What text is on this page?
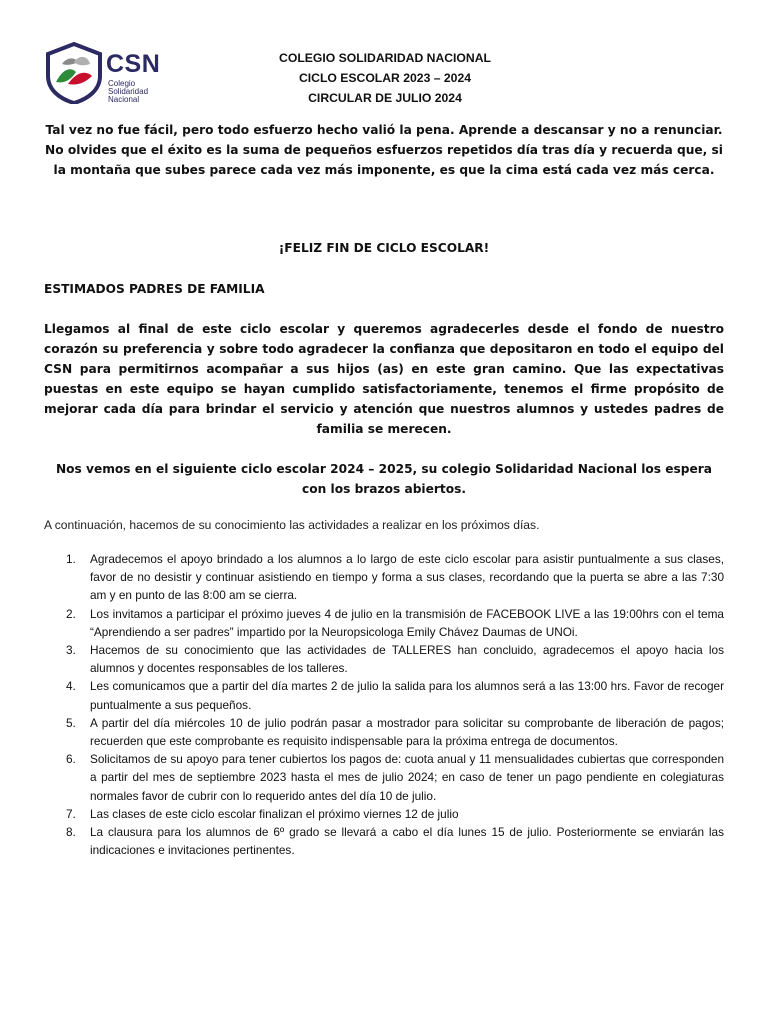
CSN
Colegio
Solidaridad
Nacional
COLEGIO SOLIDARIDAD NACIONAL
CICLO ESCOLAR 2023 – 2024
CIRCULAR DE JULIO 2024
Tal vez no fue fácil, pero todo esfuerzo hecho valió la pena. Aprende a descansar y no a renunciar.
No olvides que el éxito es la suma de pequeños esfuerzos repetidos día tras día y recuerda que, si la montaña que subes parece cada vez más imponente, es que la cima está cada vez más cerca.
¡FELIZ FIN DE CICLO ESCOLAR!
ESTIMADOS PADRES DE FAMILIA
Llegamos al final de este ciclo escolar y queremos agradecerles desde el fondo de nuestro corazón su preferencia y sobre todo agradecer la confianza que depositaron en todo el equipo del CSN para permitirnos acompañar a sus hijos (as) en este gran camino. Que las expectativas puestas en este equipo se hayan cumplido satisfactoriamente, tenemos el firme propósito de mejorar cada día para brindar el servicio y atención que nuestros alumnos y ustedes padres de familia se merecen.
Nos vemos en el siguiente ciclo escolar 2024 – 2025, su colegio Solidaridad Nacional los espera con los brazos abiertos.
A continuación, hacemos de su conocimiento las actividades a realizar en los próximos días.
1. Agradecemos el apoyo brindado a los alumnos a lo largo de este ciclo escolar para asistir puntualmente a sus clases, favor de no desistir y continuar asistiendo en tiempo y forma a sus clases, recordando que la puerta se abre a las 7:30 am y en punto de las 8:00 am se cierra.
2. Los invitamos a participar el próximo jueves 4 de julio en la transmisión de FACEBOOK LIVE a las 19:00hrs con el tema “Aprendiendo a ser padres” impartido por la Neuropsicologa Emily Chávez Daumas de UNOi.
3. Hacemos de su conocimiento que las actividades de TALLERES han concluido, agradecemos el apoyo hacia los alumnos y docentes responsables de los talleres.
4. Les comunicamos que a partir del día martes 2 de julio la salida para los alumnos será a las 13:00 hrs. Favor de recoger puntualmente a sus pequeños.
5. A partir del día miércoles 10 de julio podrán pasar a mostrador para solicitar su comprobante de liberación de pagos; recuerden que este comprobante es requisito indispensable para la próxima entrega de documentos.
6. Solicitamos de su apoyo para tener cubiertos los pagos de: cuota anual y 11 mensualidades cubiertas que corresponden a partir del mes de septiembre 2023 hasta el mes de julio 2024; en caso de tener un pago pendiente en colegiaturas normales favor de cubrir con lo requerido antes del día 10 de julio.
7. Las clases de este ciclo escolar finalizan el próximo viernes 12 de julio
8. La clausura para los alumnos de 6º grado se llevará a cabo el día lunes 15 de julio. Posteriormente se enviarán las indicaciones e invitaciones pertinentes.
